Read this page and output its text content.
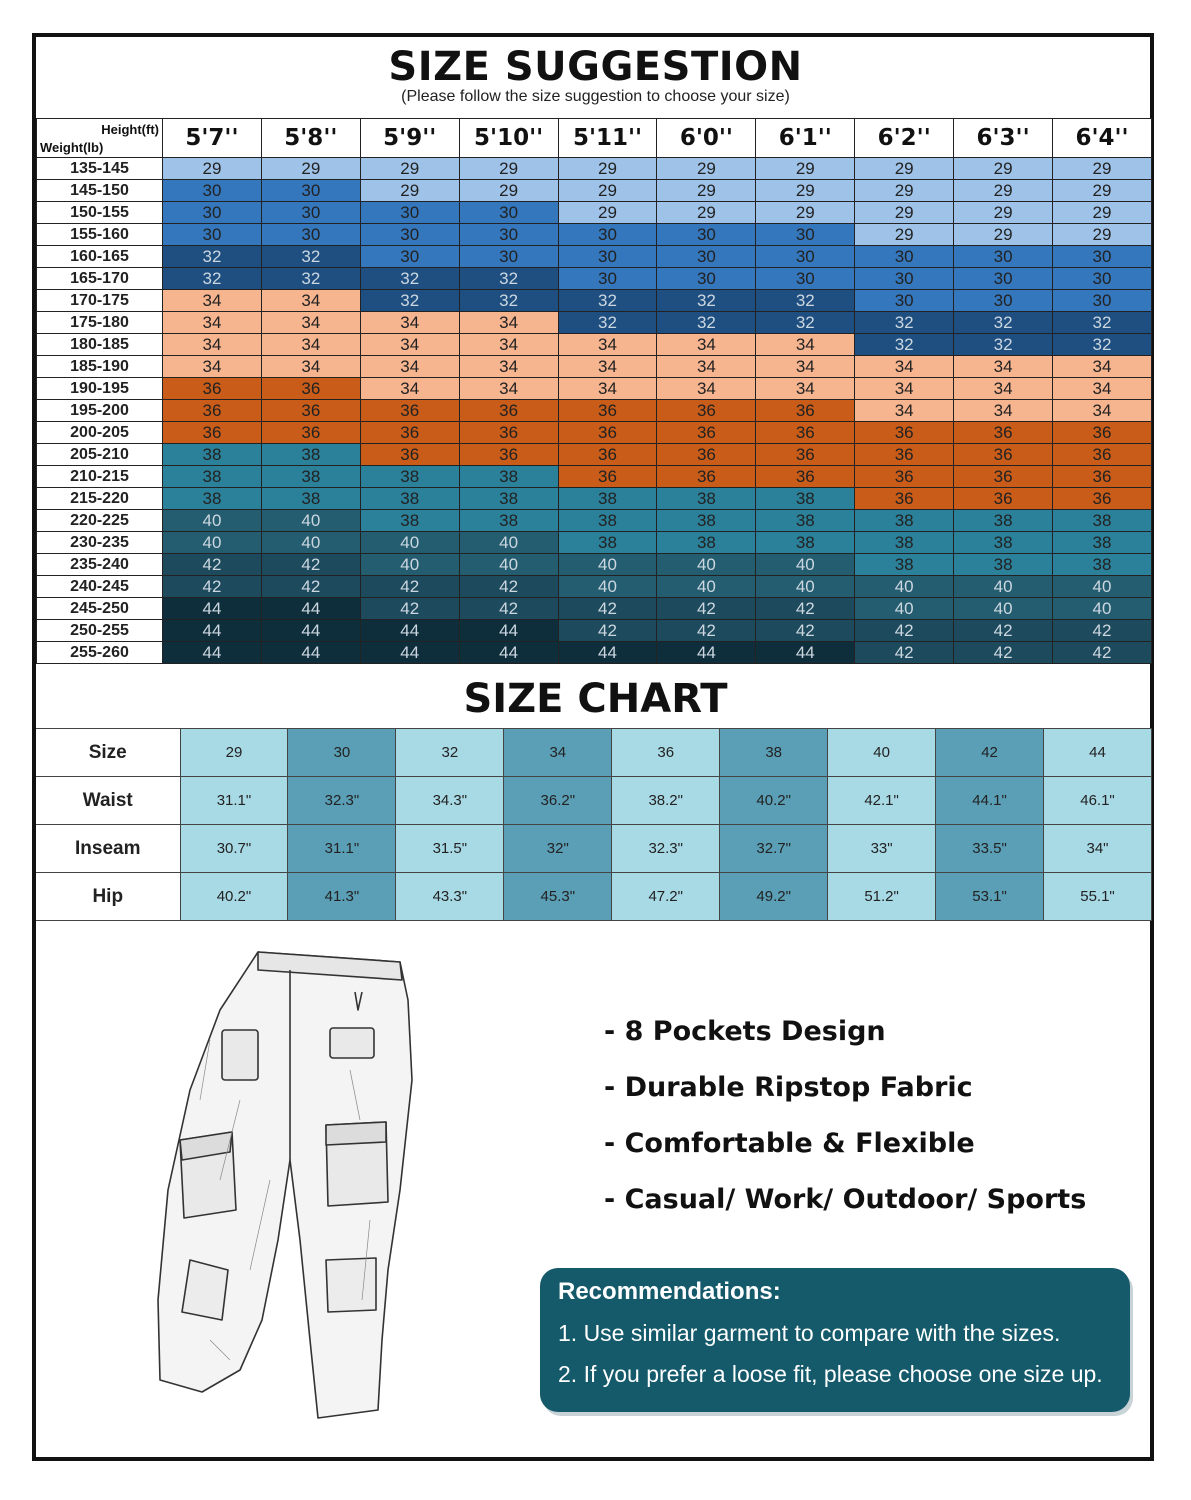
SIZE SUGGESTION
(Please follow the size suggestion to choose your size)
Height(ft)
Weight(lb)	5'7''	5'8''	5'9''	5'10''	5'11''	6'0''	6'1''	6'2''	6'3''	6'4''
135-145	29	29	29	29	29	29	29	29	29	29
145-150	30	30	29	29	29	29	29	29	29	29
150-155	30	30	30	30	29	29	29	29	29	29
155-160	30	30	30	30	30	30	30	29	29	29
160-165	32	32	30	30	30	30	30	30	30	30
165-170	32	32	32	32	30	30	30	30	30	30
170-175	34	34	32	32	32	32	32	30	30	30
175-180	34	34	34	34	32	32	32	32	32	32
180-185	34	34	34	34	34	34	34	32	32	32
185-190	34	34	34	34	34	34	34	34	34	34
190-195	36	36	34	34	34	34	34	34	34	34
195-200	36	36	36	36	36	36	36	34	34	34
200-205	36	36	36	36	36	36	36	36	36	36
205-210	38	38	36	36	36	36	36	36	36	36
210-215	38	38	38	38	36	36	36	36	36	36
215-220	38	38	38	38	38	38	38	36	36	36
220-225	40	40	38	38	38	38	38	38	38	38
230-235	40	40	40	40	38	38	38	38	38	38
235-240	42	42	40	40	40	40	40	38	38	38
240-245	42	42	42	42	40	40	40	40	40	40
245-250	44	44	42	42	42	42	42	40	40	40
250-255	44	44	44	44	42	42	42	42	42	42
255-260	44	44	44	44	44	44	44	42	42	42
SIZE CHART
Size	29	30	32	34	36	38	40	42	44
Waist	31.1"	32.3"	34.3"	36.2"	38.2"	40.2"	42.1"	44.1"	46.1"
Inseam	30.7"	31.1"	31.5"	32"	32.3"	32.7"	33"	33.5"	34"
Hip	40.2"	41.3"	43.3"	45.3"	47.2"	49.2"	51.2"	53.1"	55.1"
- 8 Pockets Design
- Durable Ripstop Fabric
- Comfortable & Flexible
- Casual/ Work/ Outdoor/ Sports
Recommendations:
1. Use similar garment to compare with the sizes.
2. If you prefer a loose fit, please choose one size up.
